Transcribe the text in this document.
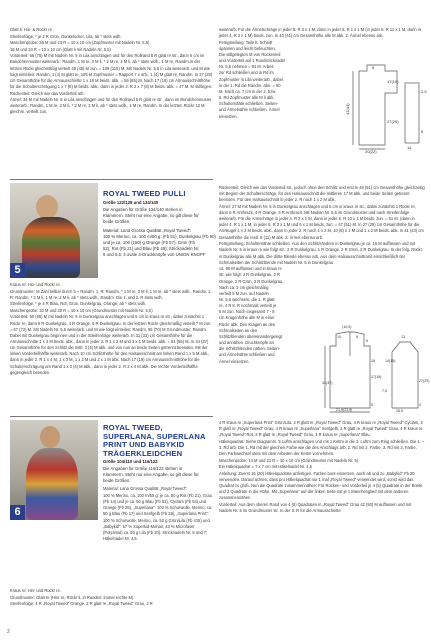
Glatt li: Hin- & Rückr re.

Streifenfolge: * je 2 R Grün, Dunkelocker, Lila, ab * stets wdh.

Maschenprobe: 26 M und 23 R = 10 x 10 cm (Zopfmuster mit Nadeln Nr. 5,5)

18 M und 23 R = 10 x 10 cm (Glatt li mit Nadeln Nr. 5,5)

Vorderteil: 66 (70) M mit Nadeln Nr. 5 in Lila anschlagen und für den Rollrand 5 R glatt re str., dann 6 cm im Bündchenmuster weiterarb.: Randm, 1 M re, 2 M li, * 2 M re, 2 M li, ab * stets wdh., 1 M re, Randm.In der letzten Rückr gleichmäßig verteilt 45 (45) M zun. = 109 (115) M. Mit Nadeln Nr. 5,5 in Lila weiterarb. und M wie folgt einteilen: Randm, 1 (4) M glatt re, 105 M Zopfmuster = Rapport 7 x arb., 1 (4) M glatt re, Randm. In 27 (29) cm Gesamthöhe für die Armausschnitte 1 x 18 M beids. abk. = 69 (85) M. Nach 17 (19) cm Armausschnitthöhe für die Schulterschrägung 1 x 7 (8) M beids. abk., dann in jeder 2. R 2 x 7 (8) M beids. abk. = 47 M. M stilllegen.

Rückenteil: Gleich wie das Vorderteil arb.

Ärmel: 34 M mit Nadeln Nr. 5 in Lila anschlagen und für den Rollrand 5 R glatt re str., dann im Bündchenmuster weiterarb.: Randm, 1 M re, 2 M li, * 2 M re, 2 M li, ab * stets wdh., 1 M re, Randm. In der letzten Rückr 12 M gleichm. verteilt zun.

weiterarb. Für die Ärmelschräge in jeder 8. R 3 x 1 M, dann in jeder 6. R 1 x 1 M (in jeder 6. R 11 x 1 M, dann in jeder 4. R 2 x 1 M) beids. zun. In 40 (41) cm Gesamthöhe alle M abk. 2. Ärmel ebenso arb.

Fertigstellung: Teile lt. Schnitt
spannen und leicht befeuchten.
Die stillgelegten M von Rückenteil
und Vorderteil auf 1 Rundstricknadel
Nr. 5,5 nehmen = 94 M. Arbeit
zur Rd schließen und in Rd im
Zopfmuster in Lila weiterarb., dabei
in der 1. Rd die Randm. abn. = 90
M. Nach ca. 7 cm in der 2. bzw.
6. Rd Zopfmuster alle M li abk.
Schulternähte schließen. Seiten-
und Ärmelnähte schließen. Ärmel
einsetzen.
41(44)
17(19)
20(22)
6
27(29)
14
2,5
5
5
ROYAL TWEED PULLI
Größe 122/128 und 134/140
Die Angaben für Größe 134/140 stehen in
Klammern. Steht nur eine Angabe, so gilt diese für
beide Größen.
Material: Lana Grossa Qualität „Royal Tweed":
100 % Merino, ca. 100 m/50 g: (Fb 51), Dunkelgrau (Fb 90)
und je ca. 100 (150) g Orange (Fb 57), Grün (Fb
52), Rot (Fb 21) und Blau (Fb 49); Stricknadeln Nr.
5 und 5,5; 3 ovale 3-Druckknöpfe von UNION KNOPF

Kraus re: Hin- und Rückr re.

Grundmuster: M Zahl teilbar durch 5 + Randm. 1. R: Randm, * 1 M re, 3 M li, 1 M re, ab * stets wdh., Randm. 2. R: Randm, * 2 M li, 1 M re, 2 M li, ab * stets wdh., Randm. Die 1. und 2. R stets wdh.

Streifenfolge: * je 4 R Blau, Rot, Grün, Dunkelgrau, Orange, ab * stets wdh.

Maschenprobe: 20 M und 30 R = 10 x 10 cm (Grundmuster mit Nadeln Nr. 5,5)

Vorderteil: 60 (65) M mit Nadeln Nr. 5 in Dunkelgrau anschlagen und 5 cm in kraus re str., dabei zunächst 1 Rückr re, dann 6 R Dunkelgrau, 4 R Orange, 6 R Dunkelgrau. In der letzten Rückr gleichmäßig verteilt 7 M zun. = 67 (72) M. Mit Nadeln Nr. 5,5 weiterarb. und M wie folgt einteilen: Randm, 65 (70) M Grundmuster, Randm. Dabei mit Dunkelgrau beginnen und in der Streifenfolge weiterarb. In 31 (33) cm Gesamthöhe für die Armausschnitte 1 x 3 M beids. abk., dann in jeder 2. R 1 x 2 M und 3 x 1 M beids. abk. = 51 (56) M. In 34 (37) cm Gesamthöhe für den Schlitz die mittl. 3 (4) M abk. und von nun an beide Seiten getrennt beenden. Mit der linken Vorderteilhälfte weiterarb. Nach 10 cm Schlitzhöhe für den Halsausschnitt am linken Rand 1 x 5 M abk., dann in jeder 2. R 1 x 4 M, 1 x 3 M, 1 x 2 M und 2 x 1 M abk. Nach 17 (19) cm Armausschnitthöhe für die Schulterschrägung am Rand 1 x 3 (4) M abk., dann in jeder 2. R 2 x 4 M abk. Die rechte Vorderteilhälfte gegengleich beenden.

Rückenteil: Gleich wie das Vorderteil str., jedoch ohne den Schlitz und erst in 48 (51) cm Gesamthöhe gleichzeitig mit Beginn der Schulterschräge, für den Halsausschnitt die mittleren 17 M abk. und beide Seiten getrennt beenden. Für den Halsausschnitt in jeder 2. R noch 1 x 2 M abk.

Ärmel: 27 M mit Nadeln Nr. 5 in Dunkelgrau anschlagen und 5 cm in kraus re str., dabei zunächst 1 Rückr re, dann 6 R Anthrazit, 4 R Orange, 6 R Anthrazit. Mit Nadeln Nr. 5,5 im Grundmuster und nach Streifenfolge weiterarb. Für die Armschräge in jeder 4. R 2 x 1 M, dann in jeder 6. R 10 x 1 M beids. zun. = 51 M. (dann in jeder 4. R 1 x 1 M, in jeder 6. R 3 x 1 M und 6 x 1 M beids. zun. = 47 (51) M. In 27 (29) cm Gesamthöhe für die Armkugel 1 x 3 M beids. abk., dann in jeder 2. R noch 1 x 2 M, 10 (8) x 1 M und 1 x 2 M beids. abk. In 41 (43) cm Gesamthöhe die restl. 9 (11) M abk. 2. Ärmel ebenso arb.

Fertigstellung: Schulternähte schließen. Aus den Schlitzrändern in Dunkelgrau je ca. 16 M auffassen und mit Nadeln Nr. 5 in kraus re wie folgt str.: 2 R Dunkelgrau, 1 R Orange, 2 R Grün, 2 R Dunkelgrau. In der folg. Rückr. in Dunkelgrau alle M abk. Die dritte Blende ebenso arb. Aus dem Halsausschnittrand einschließlich der Schmalseiten der Schlitzblende mit Nadeln Nr. 5 in Dunkelgrau

ca. 90 M auffassen und in kraus re
str. wie folgt: 2 R Dunkelgrau, 2 R
Orange, 2 R Grün, 3 R Dunkelgrau.
Nach ca. 2 cm gleichmäßig
verteilt 5 M zun. auf Nadeln
Nr. 5,5 wechseln, die 1. R glatt
re, 4 R 8. R nochmals verteilt je
5 M zun. Noch insgesamt 7 - 8
cm Kragenhöhe alle M in einer
Rückr abk. Den Kragen an den
Schmalseiten an den
Schlitzblenden übereinandergelegt
und annähen. Druckknöpfe an
die Schlitzblenden nähen. Seiten-
und Ärmelnähte schließen und
Ärmel einsetzen.
(10,5)
10	8
5
18
34(37)
17(18)
21,5(23,5)
5
13
14(15)
27(29)
4
7,5
25,5
6
ROYAL TWEED, SUPERLANA, SUPERLANA PRINT UND BABYKID TRÄGERKLEIDCHEN
Größe 104/110 und 116/122
Die Angaben für Größe 116/122 stehen in
Klammern. Steht nur eine Angabe, so gilt diese für
beide Größen.
Material: Lana Grossa Qualität „Royal Tweed":

100 % Merino, ca. 100 m/50 g: je ca. 50 g Rot (Fb 21), Grau (Fb 14) und je ca. 50 g Blau (Fb 52), Cyclam (Fb 54) und Orange (Fb 25), „Superlana": 100 % Schurwolle, Merino, ca. 50 g Blau (Fb 17) und Senfgelb (Fb 28), „Superlana Print": 100 % Schurwolle, Merino, ca. 50 g Grün/Lila (Fb 418) und „Babykid": 57 % Superkid-Mohair, 43 % Microfaser (Polyamid) ca. 50 g Lila (Fb 20). Stricknadeln Nr. 5 und 7; Häkelnadel Nr. 4,5.

Kraus re: Hin- und Rückr re.

Grundmuster: Glatt re (Hinr re, Rückr li, in Runden: immer rechte M).

Streifenfolge: 4 R „Royal Tweed" Orange, 2 R glatt re „Royal Tweed" Grau, 2 R

4 R kraus re „Superlana Print" Grün/Lila, 2 R glatt re „Royal Tweed" Grau, 4 R kraus re „Royal Tweed" Cyclam, 2 R glatt re „Royal Tweed" Grau, 4 R kraus re „Superlana" Senfgelb, 2 R glatt re „Royal Tweed" Grau, 4 R kraus re „Royal Tweed" Rot, 2 R glatt re „Royal Tweed" Grau, 4 R kraus re „Superlana" Blau.

Häkelquadrat: Siehe Diagramm. 5 Luftm anschlagen und mit 1 Kettm in die 1. Luftm zum Ring schließen. Die 1. – 3. Rd arb. Die 1. Rd mit der gleichen Farbe wie die des Anschlags arb. 2. Rd mit 2. Farbe, 3. Rd mit 3. Farbe. Den Farbwechsel stets mit dem Arbeiten der Kettm vornehmen.

Maschenprobe: 14 M und 22 R = 10 x 10 cm (Grundmuster mit Nadeln Nr. 5)

Ein Häkelquadrat = 7 x 7 cm mit Häkelnadel Nr. 4,5

Anleitung: Zuerst 16 (20) Häkelquadrate anfertigen. Farben bunt einsetzen, auch ab und zu „Babykid" Fb 20 verwenden. Darauf achten, dass pro Häkelquadrat nur 1 mal „Royal Tweed" verwendet wird, sonst wird das Quadrat zu groß. Nun die Quadrate zusammennähen: Für Rücken- und Vorderteil je 4 (5) Quadrate in der Breite und 2 Quadrate in die Höhe. Mit „Superlana" auf der linken Seite mit je 1 Maschenglied mit dem anderen zusammennähen.

Vorderteil: Aus dem oberen Rand von 4 (5) Quadraten in „Royal Tweed" Grau 42 (50) M auffassen und mit Nadeln Nr. 5 im Grundmuster str. In der 3. R für die Armausschnitte

2
